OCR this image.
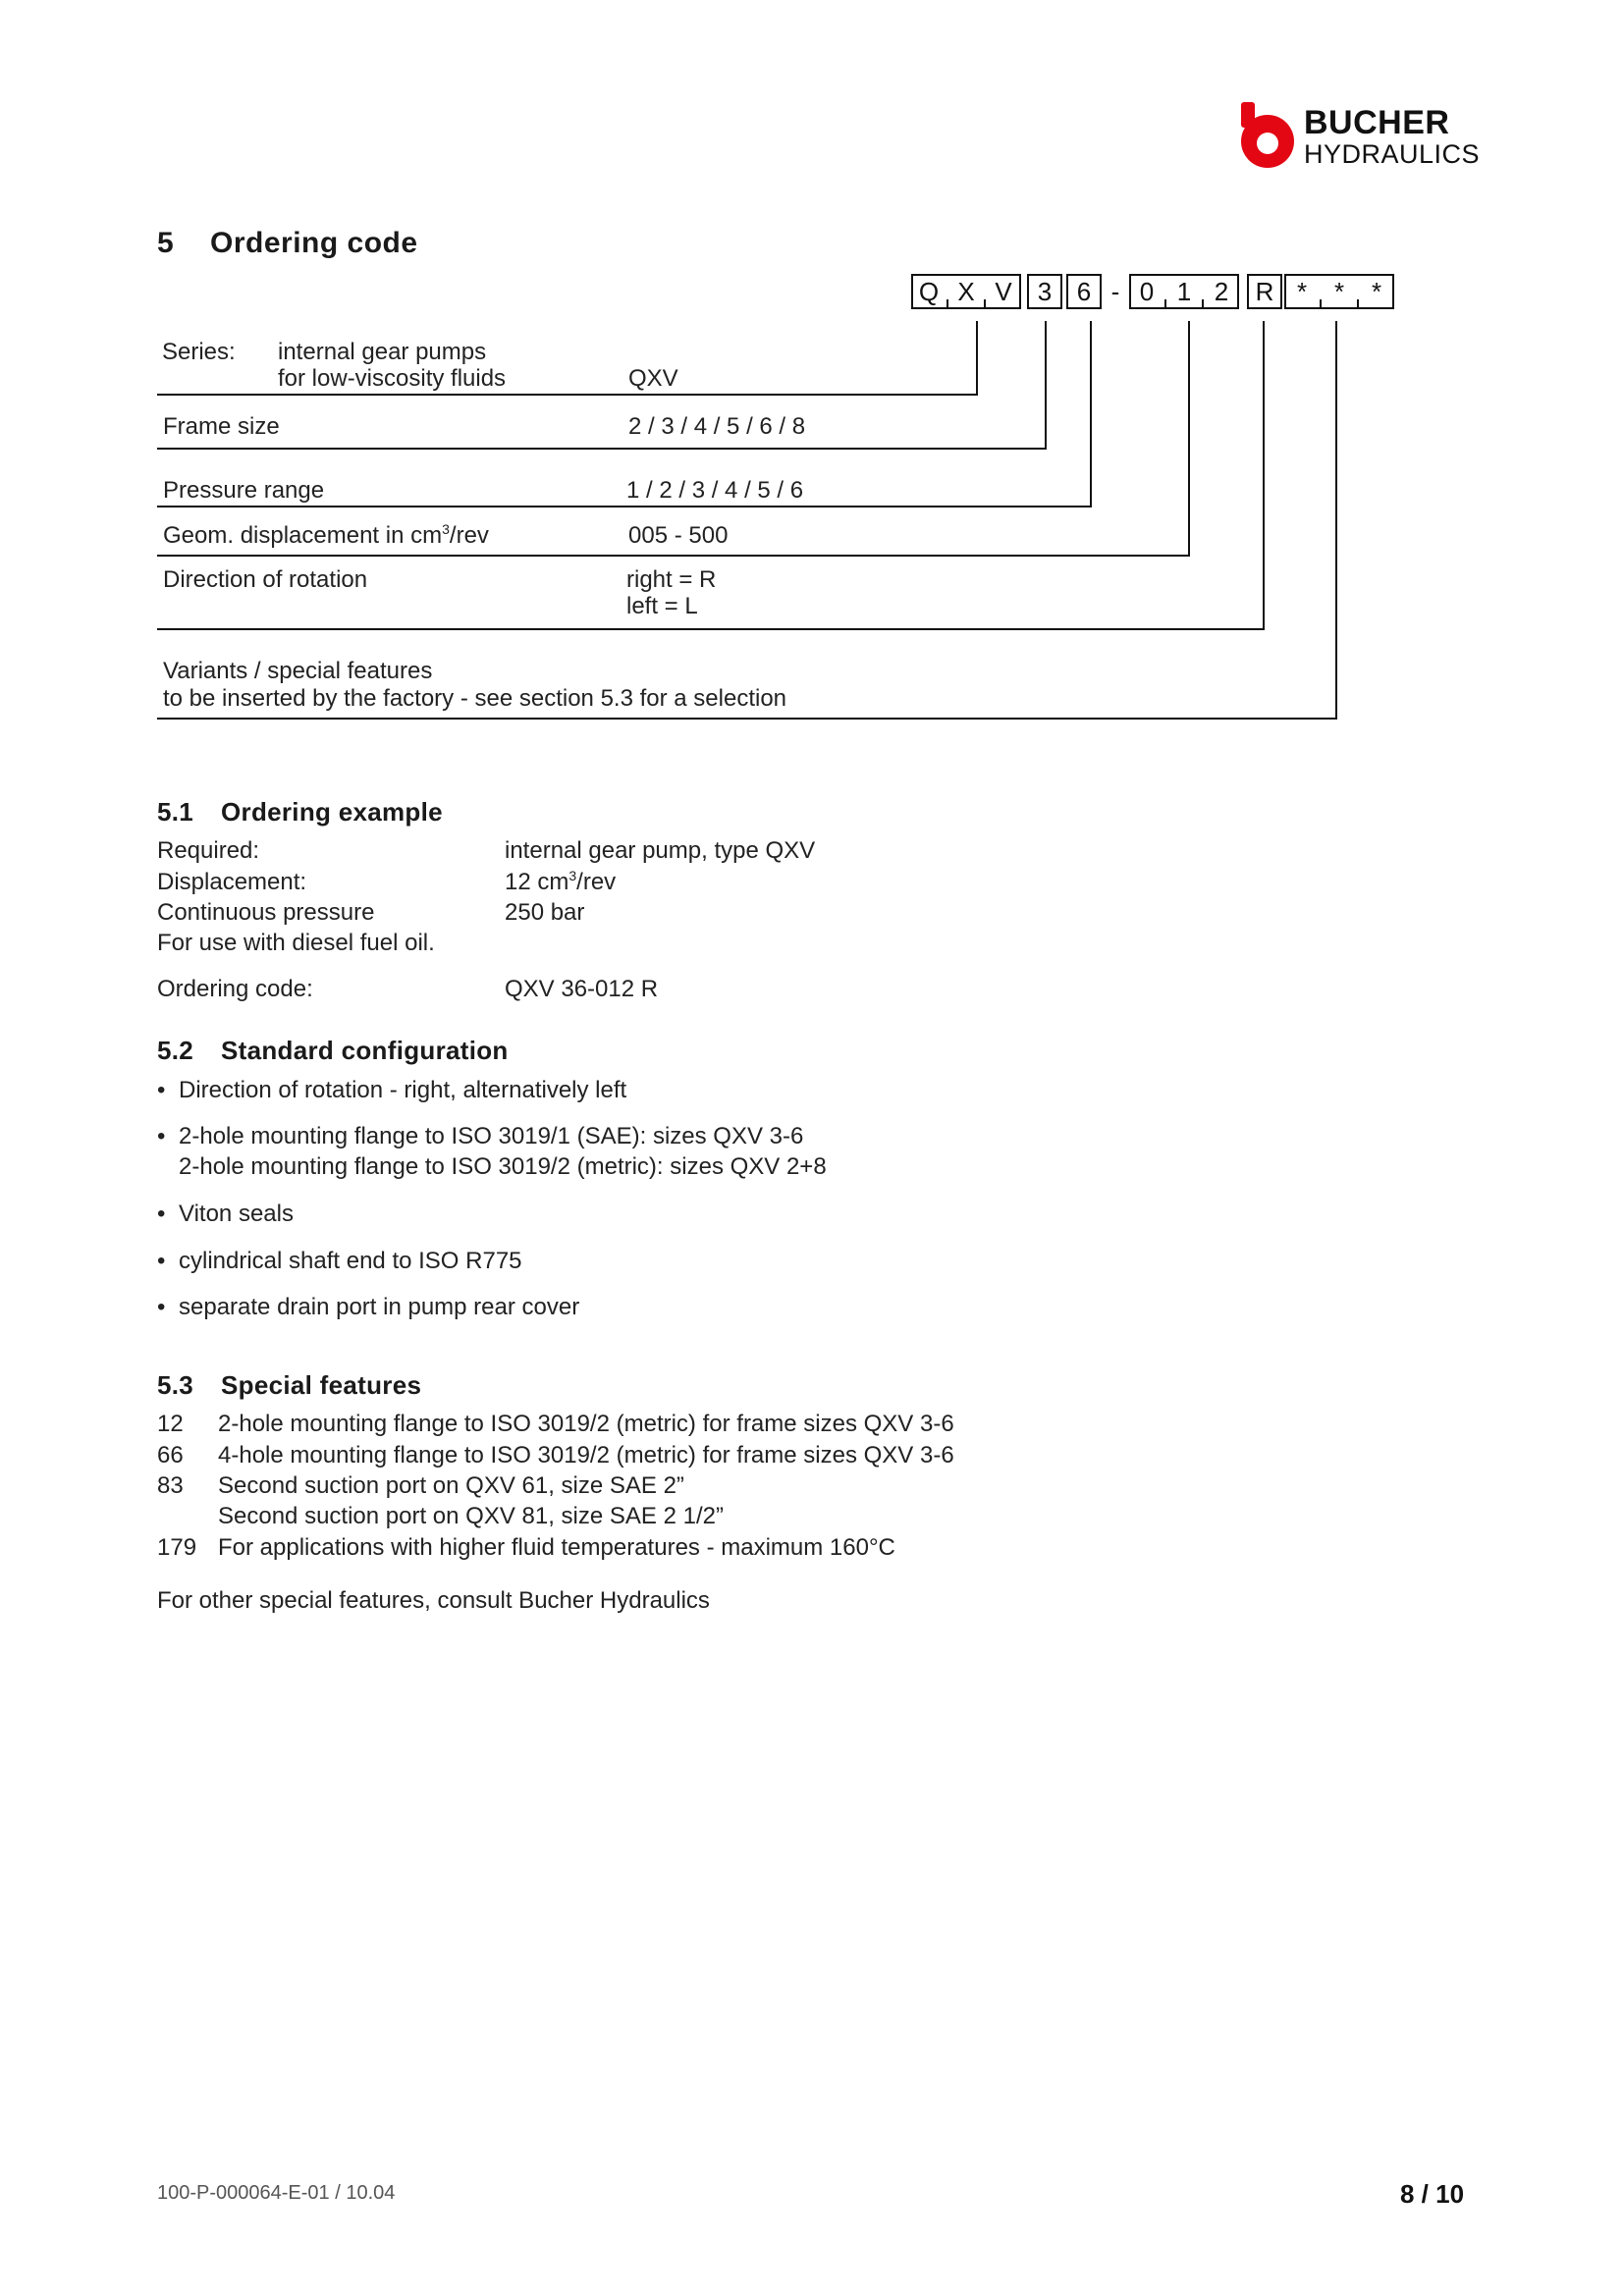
BUCHER
HYDRAULICS
5 Ordering code
Q X V	3 6 - 0 1 2	R *	*	*
Series: internal gear pumps
for low-viscosity fluids	QXV
Frame size	2 / 3 / 4 / 5 / 6 / 8
Pressure range	1 / 2 / 3 / 4 / 5 / 6
Geom. displacement in $cm^3$/rev	005 - 500
Direction of rotation	right = R
left = L
Variants / special features
to be inserted by the factory - see section 5.3 for a selection
5.1 Ordering example
Required:	internal gear pump, type QXV
Displacement:	12 $cm^3$/rev
Continuous pressure	250 bar
For use with diesel fuel oil.
Ordering code:	QXV 36-012 R
5.2 Standard configuration
• Direction of rotation - right, alternatively left
• 2-hole mounting flange to ISO 3019/1 (SAE): sizes QXV 3-6
2-hole mounting flange to ISO 3019/2 (metric): sizes QXV 2+8
• Viton seals
• cylindrical shaft end to ISO R775
• separate drain port in pump rear cover
5.3 Special features
12 2-hole mounting flange to ISO 3019/2 (metric) for frame sizes QXV 3-6
66 4-hole mounting flange to ISO 3019/2 (metric) for frame sizes QXV 3-6
83 Second suction port on QXV 61, size SAE 2”
Second suction port on QXV 81, size SAE 2 1/2”
179 For applications with higher fluid temperatures - maximum 160°C
For other special features, consult Bucher Hydraulics
100-P-000064-E-01 / 10.04	8 / 10
